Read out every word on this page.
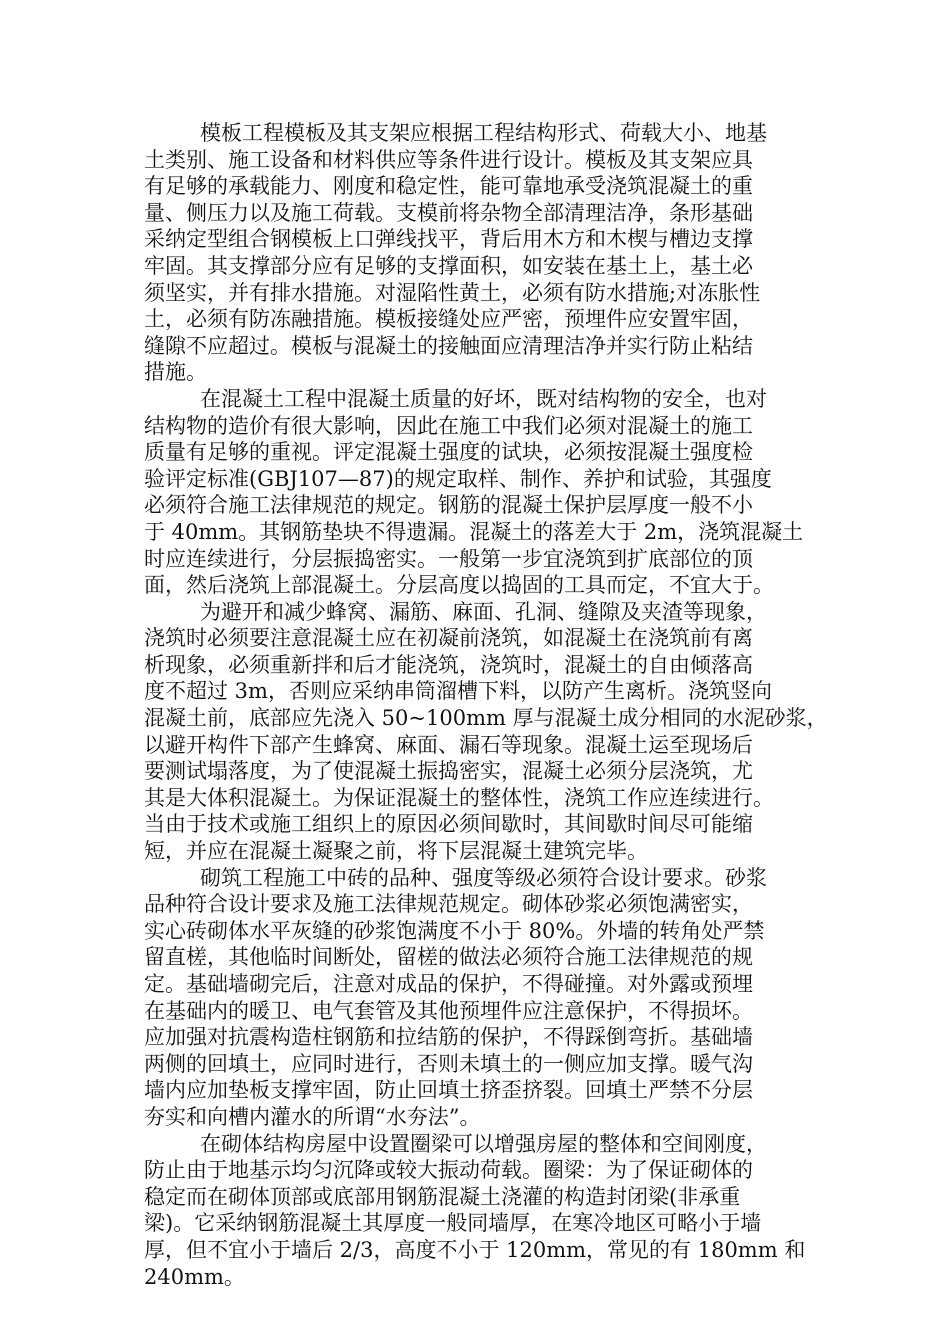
模板工程模板及其支架应根据工程结构形式、荷载大小、地基
土类别、施工设备和材料供应等条件进行设计。模板及其支架应具
有足够的承载能力、刚度和稳定性，能可靠地承受浇筑混凝土的重
量、侧压力以及施工荷载。支模前将杂物全部清理洁净，条形基础
采纳定型组合钢模板上口弹线找平，背后用木方和木楔与槽边支撑
牢固。其支撑部分应有足够的支撑面积，如安装在基土上，基土必
须坚实，并有排水措施。对湿陷性黄土，必须有防水措施;对冻胀性
土，必须有防冻融措施。模板接缝处应严密，预埋件应安置牢固，
缝隙不应超过。模板与混凝土的接触面应清理洁净并实行防止粘结
措施。
在混凝土工程中混凝土质量的好坏，既对结构物的安全，也对
结构物的造价有很大影响，因此在施工中我们必须对混凝土的施工
质量有足够的重视。评定混凝土强度的试块，必须按混凝土强度检
验评定标准(GBJ107—87)的规定取样、制作、养护和试验，其强度
必须符合施工法律规范的规定。钢筋的混凝土保护层厚度一般不小
于 40mm。其钢筋垫块不得遗漏。混凝土的落差大于 2m，浇筑混凝土
时应连续进行，分层振捣密实。一般第一步宜浇筑到扩底部位的顶
面，然后浇筑上部混凝土。分层高度以捣固的工具而定，不宜大于。
为避开和减少蜂窝、漏筋、麻面、孔洞、缝隙及夹渣等现象，
浇筑时必须要注意混凝土应在初凝前浇筑，如混凝土在浇筑前有离
析现象，必须重新拌和后才能浇筑，浇筑时，混凝土的自由倾落高
度不超过 3m，否则应采纳串筒溜槽下料，以防产生离析。浇筑竖向
混凝土前，底部应先浇入 50~100mm 厚与混凝土成分相同的水泥砂浆，
以避开构件下部产生蜂窝、麻面、漏石等现象。混凝土运至现场后
要测试塌落度，为了使混凝土振捣密实，混凝土必须分层浇筑，尤
其是大体积混凝土。为保证混凝土的整体性，浇筑工作应连续进行。
当由于技术或施工组织上的原因必须间歇时，其间歇时间尽可能缩
短，并应在混凝土凝聚之前，将下层混凝土建筑完毕。
砌筑工程施工中砖的品种、强度等级必须符合设计要求。砂浆
品种符合设计要求及施工法律规范规定。砌体砂浆必须饱满密实，
实心砖砌体水平灰缝的砂浆饱满度不小于 80%。外墙的转角处严禁
留直槎，其他临时间断处，留槎的做法必须符合施工法律规范的规
定。基础墙砌完后，注意对成品的保护，不得碰撞。对外露或预埋
在基础内的暖卫、电气套管及其他预埋件应注意保护，不得损坏。
应加强对抗震构造柱钢筋和拉结筋的保护，不得踩倒弯折。基础墙
两侧的回填土，应同时进行，否则未填土的一侧应加支撑。暖气沟
墙内应加垫板支撑牢固，防止回填土挤歪挤裂。回填土严禁不分层
夯实和向槽内灌水的所谓“水夯法”。
在砌体结构房屋中设置圈梁可以增强房屋的整体和空间刚度，
防止由于地基示均匀沉降或较大振动荷载。圈梁：为了保证砌体的
稳定而在砌体顶部或底部用钢筋混凝土浇灌的构造封闭梁(非承重
梁)。它采纳钢筋混凝土其厚度一般同墙厚，在寒冷地区可略小于墙
厚，但不宜小于墙后 2/3，高度不小于 120mm，常见的有 180mm 和
240mm。
